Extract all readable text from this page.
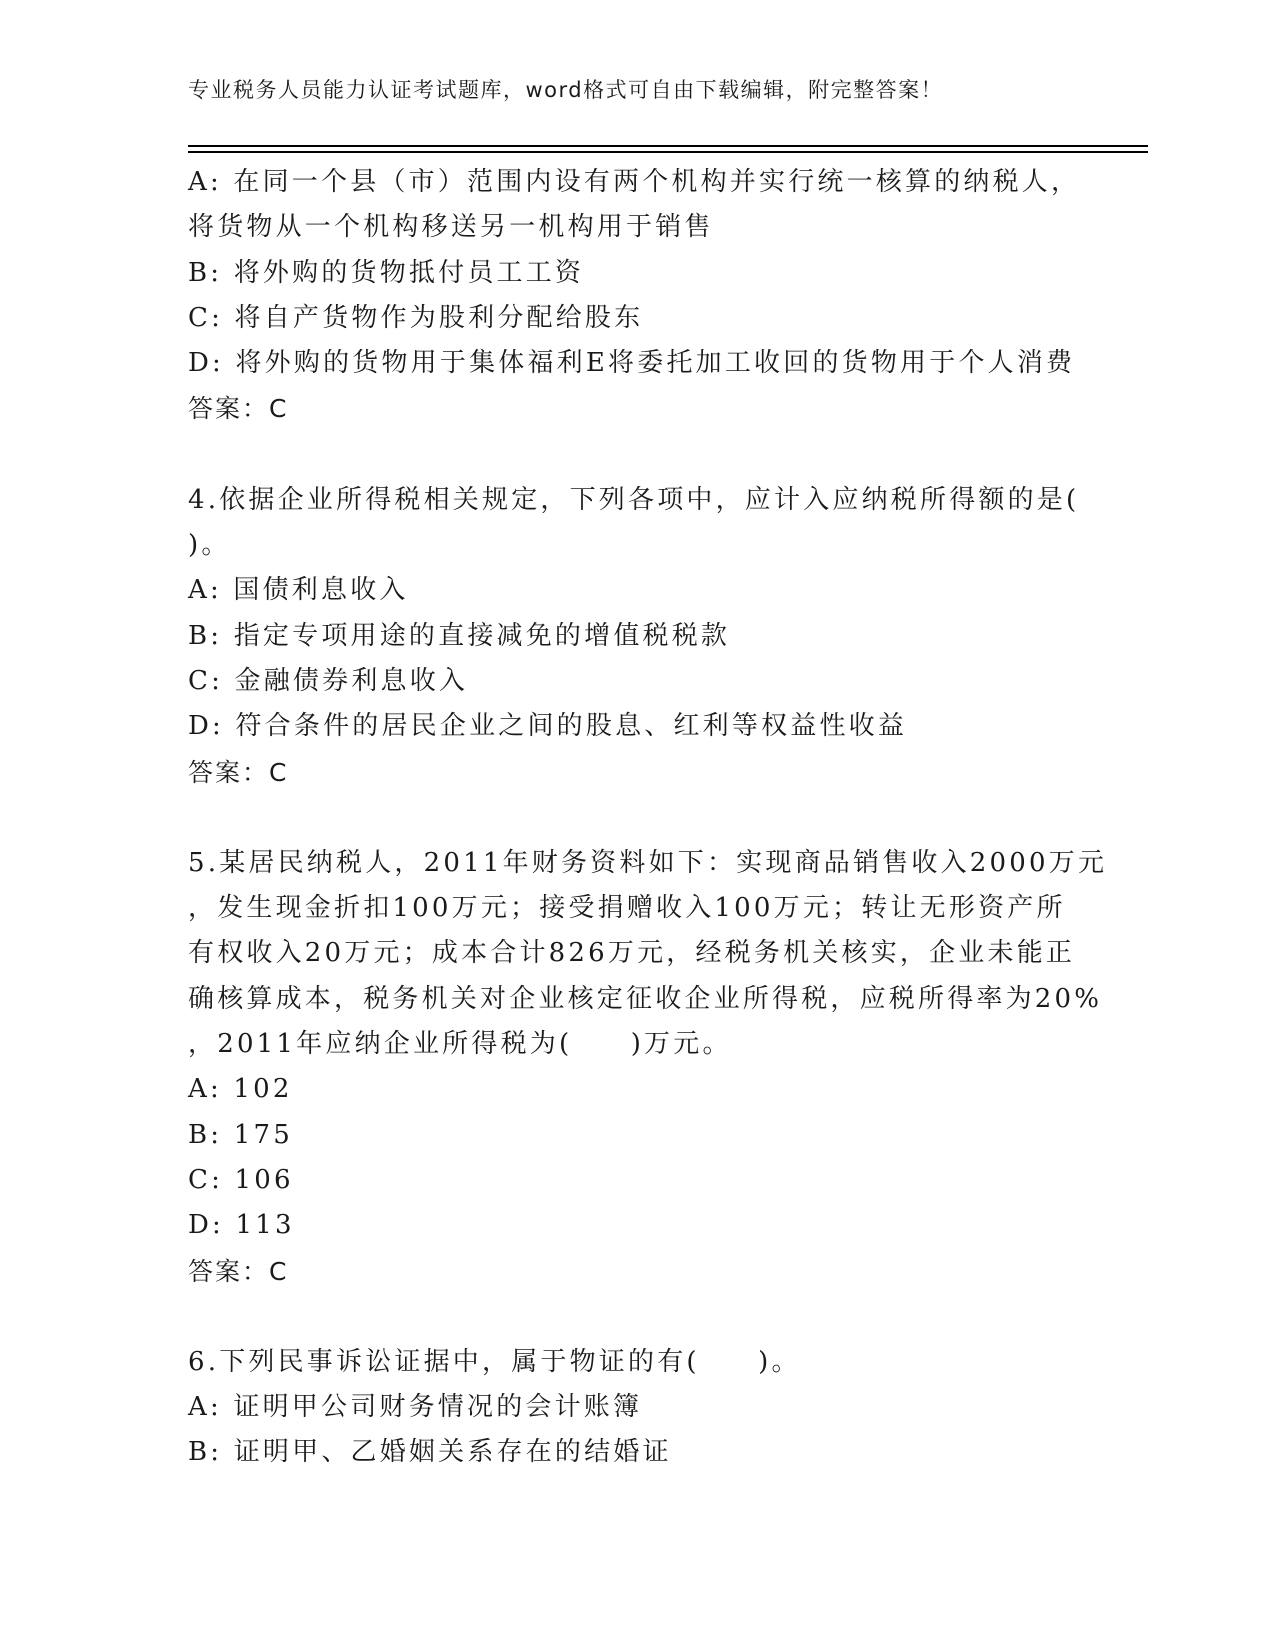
专业税务人员能力认证考试题库，word格式可自由下载编辑，附完整答案！
A: 在同一个县（市）范围内设有两个机构并实行统一核算的纳税人，
将货物从一个机构移送另一机构用于销售
B: 将外购的货物抵付员工工资
C: 将自产货物作为股利分配给股东
D: 将外购的货物用于集体福利E将委托加工收回的货物用于个人消费
答案：C
4.依据企业所得税相关规定，下列各项中，应计入应纳税所得额的是(
)。
A: 国债利息收入
B: 指定专项用途的直接减免的增值税税款
C: 金融债券利息收入
D: 符合条件的居民企业之间的股息、红利等权益性收益
答案：C
5.某居民纳税人，2011年财务资料如下：实现商品销售收入2000万元
，发生现金折扣100万元；接受捐赠收入100万元；转让无形资产所
有权收入20万元；成本合计826万元，经税务机关核实，企业未能正
确核算成本，税务机关对企业核定征收企业所得税，应税所得率为20%
，2011年应纳企业所得税为(　　)万元。
A: 102
B: 175
C: 106
D: 113
答案：C
6.下列民事诉讼证据中，属于物证的有(　　)。
A: 证明甲公司财务情况的会计账簿
B: 证明甲、乙婚姻关系存在的结婚证
